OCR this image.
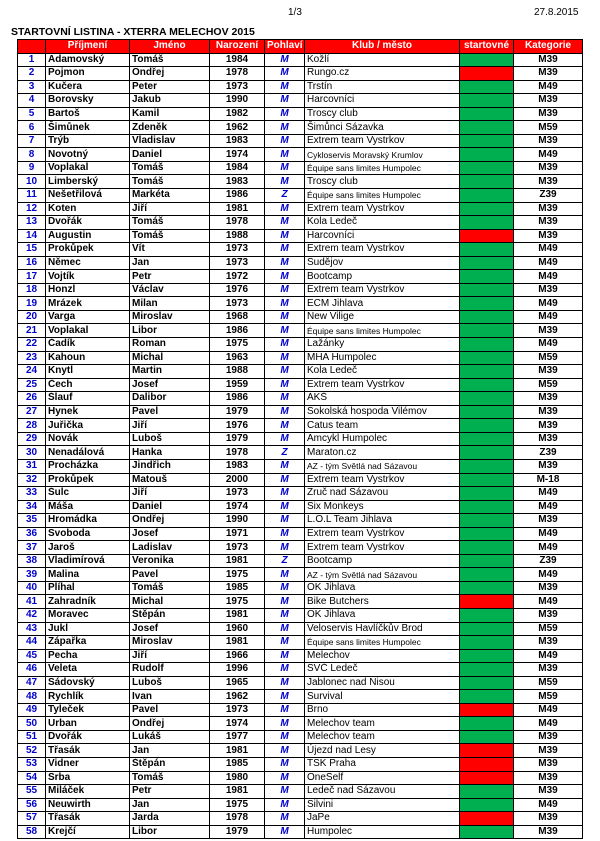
1/3	27.8.2015
STARTOVNÍ LISTINA - XTERRA MELECHOV 2015
	Příjmení	Jméno	Narození	Pohlaví	Klub / město	startovné	Kategorie
1	Adamovský	Tomáš	1984	M	Kožlí		M39
2	Pojmon	Ondřej	1978	M	Rungo.cz		M39
3	Kučera	Peter	1973	M	Trstín		M49
4	Borovsky	Jakub	1990	M	Harcovníci		M39
5	Bartoš	Kamil	1982	M	Troscy club		M39
6	Šimůnek	Zdeněk	1962	M	Šimůnci Sázavka		M59
7	Trýb	Vladislav	1983	M	Extrem team Vystrkov		M39
8	Novotný	Daniel	1974	M	Cykloservis Moravský Krumlov		M49
9	Voplakal	Tomáš	1984	M	Équipe sans limites Humpolec		M39
10	Limberský	Tomáš	1983	M	Troscy club		M39
11	Nešetřilová	Markéta	1986	Z	Équipe sans limites Humpolec		Z39
12	Koten	Jiří	1981	M	Extrem team Vystrkov		M39
13	Dvořák	Tomáš	1978	M	Kola Ledeč		M39
14	Augustin	Tomáš	1988	M	Harcovníci		M39
15	Prokůpek	Vít	1973	M	Extrem team Vystrkov		M49
16	Němec	Jan	1973	M	Sudějov		M49
17	Vojtík	Petr	1972	M	Bootcamp		M49
18	Honzl	Václav	1976	M	Extrem team Vystrkov		M39
19	Mrázek	Milan	1973	M	ECM Jihlava		M49
20	Varga	Miroslav	1968	M	New Vilige		M49
21	Voplakal	Libor	1986	M	Équipe sans limites Humpolec		M39
22	Čadík	Roman	1975	M	Lažánky		M49
23	Kahoun	Michal	1963	M	MHA Humpolec		M59
24	Knytl	Martin	1988	M	Kola Ledeč		M39
25	Čech	Josef	1959	M	Extrem team Vystrkov		M59
26	Šlauf	Dalibor	1986	M	AKŠ		M39
27	Hynek	Pavel	1979	M	Sokolská hospoda Vilémov		M39
28	Juřička	Jiří	1976	M	Catus team		M39
29	Novák	Luboš	1979	M	Amcykl Humpolec		M39
30	Nenadálová	Hanka	1978	Z	Maraton.cz		Z39
31	Procházka	Jindřich	1983	M	AZ - tým Světlá nad Sázavou		M39
32	Prokůpek	Matouš	2000	M	Extrem team Vystrkov		M-18
33	Šulc	Jiří	1973	M	Zruč nad Sázavou		M49
34	Máša	Daniel	1974	M	Six Monkeys		M49
35	Hromádka	Ondřej	1990	M	L.O.L Team Jihlava		M39
36	Svoboda	Josef	1971	M	Extrem team Vystrkov		M49
37	Jaroš	Ladislav	1973	M	Extrem team Vystrkov		M49
38	Vladimírová	Veronika	1981	Z	Bootcamp		Z39
39	Malina	Pavel	1975	M	AZ - tým Světlá nad Sázavou		M49
40	Plíhal	Tomáš	1985	M	OK Jihlava		M39
41	Zahradník	Michal	1975	M	Bike Butchers		M49
42	Moravec	Štěpán	1981	M	OK Jihlava		M39
43	Jukl	Josef	1960	M	Veloservis Havlíčkův Brod		M59
44	Zápařka	Miroslav	1981	M	Équipe sans limites Humpolec		M39
45	Pecha	Jiří	1966	M	Melechov		M49
46	Veleta	Rudolf	1996	M	SVČ Ledeč		M39
47	Sádovský	Luboš	1965	M	Jablonec nad Nisou		M59
48	Rychlík	Ivan	1962	M	Survival		M59
49	Tyleček	Pavel	1973	M	Brno		M49
50	Urban	Ondřej	1974	M	Melechov team		M49
51	Dvořák	Lukáš	1977	M	Melechov team		M39
52	Třasák	Jan	1981	M	Újezd nad Lesy		M39
53	Vidner	Štěpán	1985	M	TSK Praha		M39
54	Srba	Tomáš	1980	M	OneSelf		M39
55	Miláček	Petr	1981	M	Ledeč nad Sázavou		M39
56	Neuwirth	Jan	1975	M	Silvini		M49
57	Třasák	Jarda	1978	M	JaPe		M39
58	Krejčí	Libor	1979	M	Humpolec		M39
